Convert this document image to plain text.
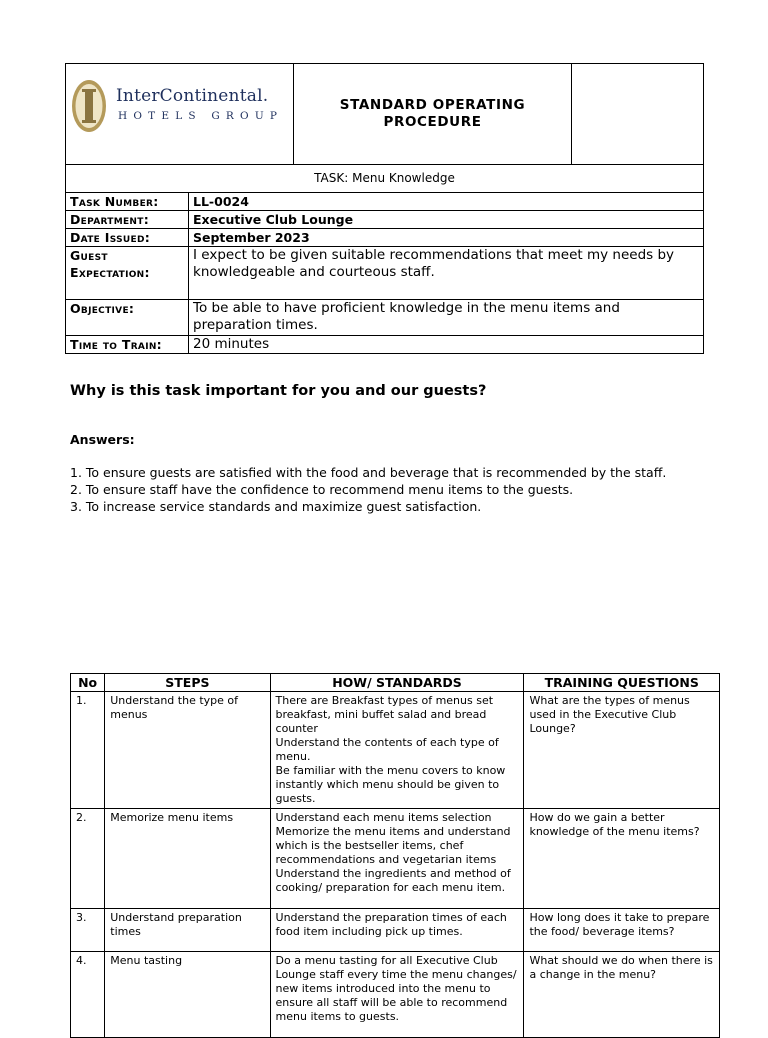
InterContinental.
HOTELS GROUP
STANDARD OPERATING
PROCEDURE
TASK: Menu Knowledge
Task Number:	LL-0024
Department:	Executive Club Lounge
Date Issued:	September 2023

Guest
Expectation:	I expect to be given suitable recommendations that meet my needs by knowledgeable and courteous staff.
Objective:	To be able to have proficient knowledge in the menu items and preparation times.
Time to Train:	20 minutes
Why is this task important for you and our guests?
Answers:
1. To ensure guests are satisfied with the food and beverage that is recommended by the staff.
2. To ensure staff have the confidence to recommend menu items to the guests.
3. To increase service standards and maximize guest satisfaction.
No	STEPS	HOW/ STANDARDS	TRAINING QUESTIONS
1.	Understand the type of menus	There are Breakfast types of menus set breakfast, mini buffet salad and bread counter
Understand the contents of each type of menu.
Be familiar with the menu covers to know instantly which menu should be given to guests.	What are the types of menus used in the Executive Club Lounge?
2.	Memorize menu items	Understand each menu items selection
Memorize the menu items and understand which is the bestseller items, chef recommendations and vegetarian items
Understand the ingredients and method of cooking/ preparation for each menu item.	How do we gain a better knowledge of the menu items?
3.	Understand preparation times	Understand the preparation times of each food item including pick up times.	How long does it take to prepare the food/ beverage items?
4.	Menu tasting	Do a menu tasting for all Executive Club Lounge staff every time the menu changes/ new items introduced into the menu to ensure all staff will be able to recommend menu items to guests.	What should we do when there is a change in the menu?
